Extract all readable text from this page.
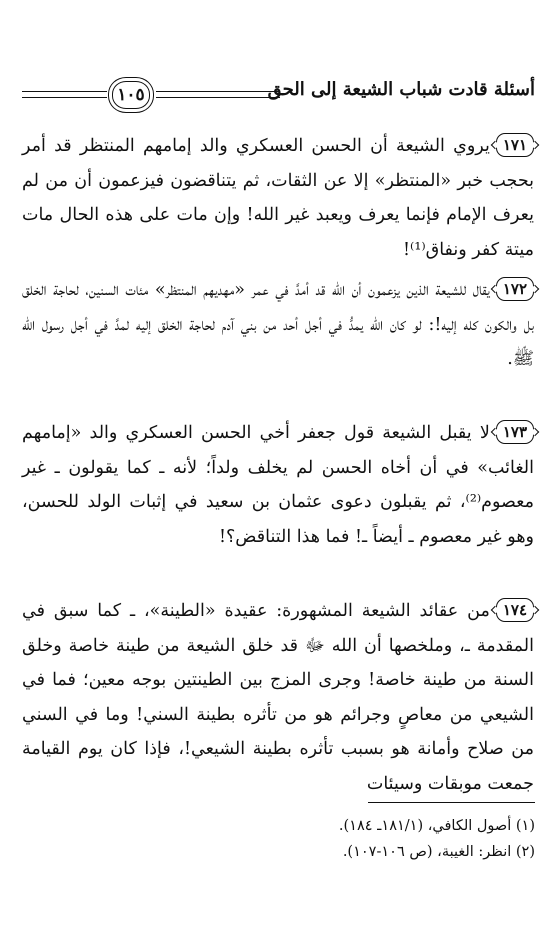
أسئلة قادت شباب الشيعة إلى الحق
١٠٥
١٧١يروي الشيعة أن الحسن العسكري والد إمامهم المنتظر قد أمر بحجب خبر «المنتظر» إلا عن الثقات، ثم يتناقضون فيزعمون أن من لم يعرف الإمام فإنما يعرف ويعبد غير الله! وإن مات على هذه الحال مات ميتة كفر ونفاق⁽¹⁾!
١٧٢يقال للشيعة الذين يزعمون أن الله قد أمدَّ في عمر «مهديهم المنتظر» مئات السنين، لحاجة الخلق بل والكون كله إليه!: لو كان الله يمدُّ في أجل أحد من بني آدم لحاجة الخلق إليه لمدَّ في أجل رسول الله ﷺ.
١٧٣لا يقبل الشيعة قول جعفر أخي الحسن العسكري والد «إمامهم الغائب» في أن أخاه الحسن لم يخلف ولداً؛ لأنه ـ كما يقولون ـ غير معصوم⁽²⁾، ثم يقبلون دعوى عثمان بن سعيد في إثبات الولد للحسن، وهو غير معصوم ـ أيضاً ـ! فما هذا التناقض؟!
١٧٤من عقائد الشيعة المشهورة: عقيدة «الطينة»، ـ كما سبق في المقدمة ـ، وملخصها أن الله ﷻ قد خلق الشيعة من طينة خاصة وخلق السنة من طينة خاصة! وجرى المزج بين الطينتين بوجه معين؛ فما في الشيعي من معاصٍ وجرائم هو من تأثره بطينة السني! وما في السني من صلاح وأمانة هو بسبب تأثره بطينة الشيعي!، فإذا كان يوم القيامة جمعت موبقات وسيئات
(١) أصول الكافي، (١٨١/١ـ ١٨٤).
(٢) انظر: الغيبة، (ص ١٠٦-١٠٧).
